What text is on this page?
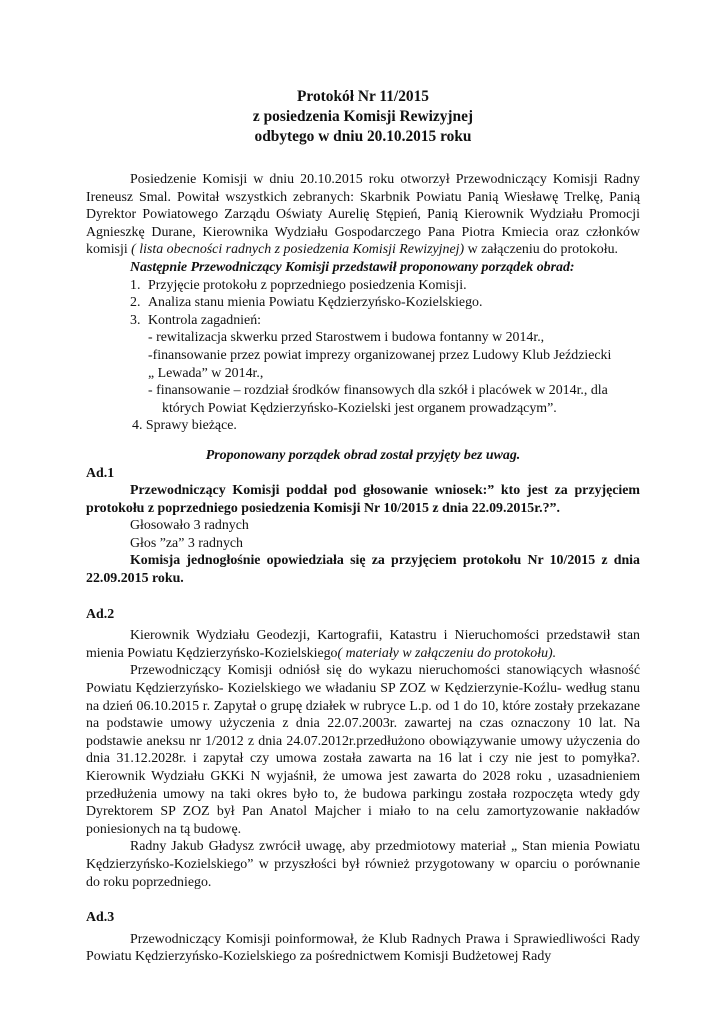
Protokół Nr 11/2015
z posiedzenia Komisji Rewizyjnej
odbytego w dniu 20.10.2015 roku

Posiedzenie Komisji w dniu 20.10.2015 roku otworzył Przewodniczący Komisji Radny Ireneusz Smal. Powitał wszystkich zebranych: Skarbnik Powiatu Panią Wiesławę Trelkę, Panią Dyrektor Powiatowego Zarządu Oświaty Aurelię Stępień, Panią Kierownik Wydziału Promocji Agnieszkę Durane, Kierownika Wydziału Gospodarczego Pana Piotra Kmiecia oraz członków komisji ( lista obecności radnych z posiedzenia Komisji Rewizyjnej) w załączeniu do protokołu.

Następnie Przewodniczący Komisji przedstawił proponowany porządek obrad:

1. Przyjęcie protokołu z poprzedniego posiedzenia Komisji.
2. Analiza stanu mienia Powiatu Kędzierzyńsko-Kozielskiego.
3. Kontrola zagadnień:
- rewitalizacja skwerku przed Starostwem i budowa fontanny w 2014r.,
-finansowanie przez powiat imprezy organizowanej przez Ludowy Klub Jeździecki
„ Lewada” w 2014r.,
- finansowanie – rozdział środków finansowych dla szkół i placówek w 2014r., dla
których Powiat Kędzierzyńsko-Kozielski jest organem prowadzącym”.
4. Sprawy bieżące.
Proponowany porządek obrad został przyjęty bez uwag.
Ad.1

Przewodniczący Komisji poddał pod głosowanie wniosek:” kto jest za przyjęciem protokołu z poprzedniego posiedzenia Komisji Nr 10/2015 z dnia 22.09.2015r.?”.

Głosowało 3 radnych
Głos ”za” 3 radnych

Komisja jednogłośnie opowiedziała się za przyjęciem protokołu Nr 10/2015 z dnia 22.09.2015 roku.

Ad.2

Kierownik Wydziału Geodezji, Kartografii, Katastru i Nieruchomości przedstawił stan mienia Powiatu Kędzierzyńsko-Kozielskiego( materiały w załączeniu do protokołu).

Przewodniczący Komisji odniósł się do wykazu nieruchomości stanowiących własność Powiatu Kędzierzyńsko- Kozielskiego we władaniu SP ZOZ w Kędzierzynie-Koźlu- według stanu na dzień 06.10.2015 r. Zapytał o grupę działek w rubryce L.p. od 1 do 10, które zostały przekazane na podstawie umowy użyczenia z dnia 22.07.2003r. zawartej na czas oznaczony 10 lat. Na podstawie aneksu nr 1/2012 z dnia 24.07.2012r.przedłużono obowiązywanie umowy użyczenia do dnia 31.12.2028r. i zapytał czy umowa została zawarta na 16 lat i czy nie jest to pomyłka?. Kierownik Wydziału GKKi N wyjaśnił, że umowa jest zawarta do 2028 roku , uzasadnieniem przedłużenia umowy na taki okres było to, że budowa parkingu została rozpoczęta wtedy gdy Dyrektorem SP ZOZ był Pan Anatol Majcher i miało to na celu zamortyzowanie nakładów poniesionych na tą budowę.

Radny Jakub Gładysz zwrócił uwagę, aby przedmiotowy materiał „ Stan mienia Powiatu Kędzierzyńsko-Kozielskiego” w przyszłości był również przygotowany w oparciu o porównanie do roku poprzedniego.

Ad.3

Przewodniczący Komisji poinformował, że Klub Radnych Prawa i Sprawiedliwości Rady Powiatu Kędzierzyńsko-Kozielskiego za pośrednictwem Komisji Budżetowej Rady
